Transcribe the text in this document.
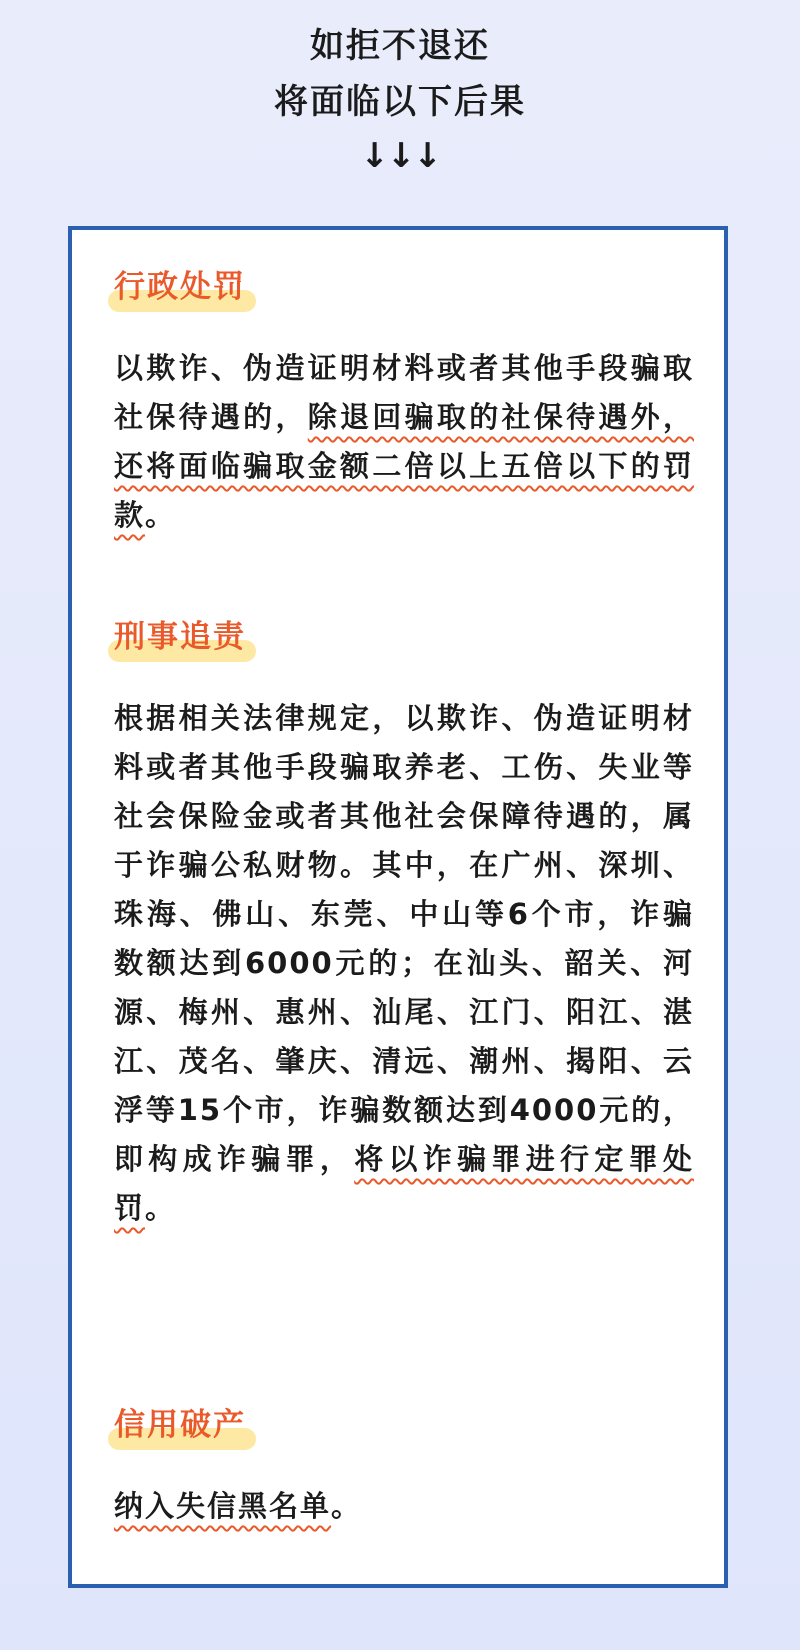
如拒不退还
将面临以下后果
↓↓↓
行政处罚
以欺诈、伪造证明材料或者其他手段骗取社保待遇的，除退回骗取的社保待遇外，还将面临骗取金额二倍以上五倍以下的罚款。
刑事追责
根据相关法律规定，以欺诈、伪造证明材料或者其他手段骗取养老、工伤、失业等社会保险金或者其他社会保障待遇的，属于诈骗公私财物。其中，在广州、深圳、珠海、佛山、东莞、中山等6个市，诈骗数额达到6000元的；在汕头、韶关、河源、梅州、惠州、汕尾、江门、阳江、湛江、茂名、肇庆、清远、潮州、揭阳、云浮等15个市，诈骗数额达到4000元的，即构成诈骗罪，将以诈骗罪进行定罪处罚。
信用破产
纳入失信黑名单。
